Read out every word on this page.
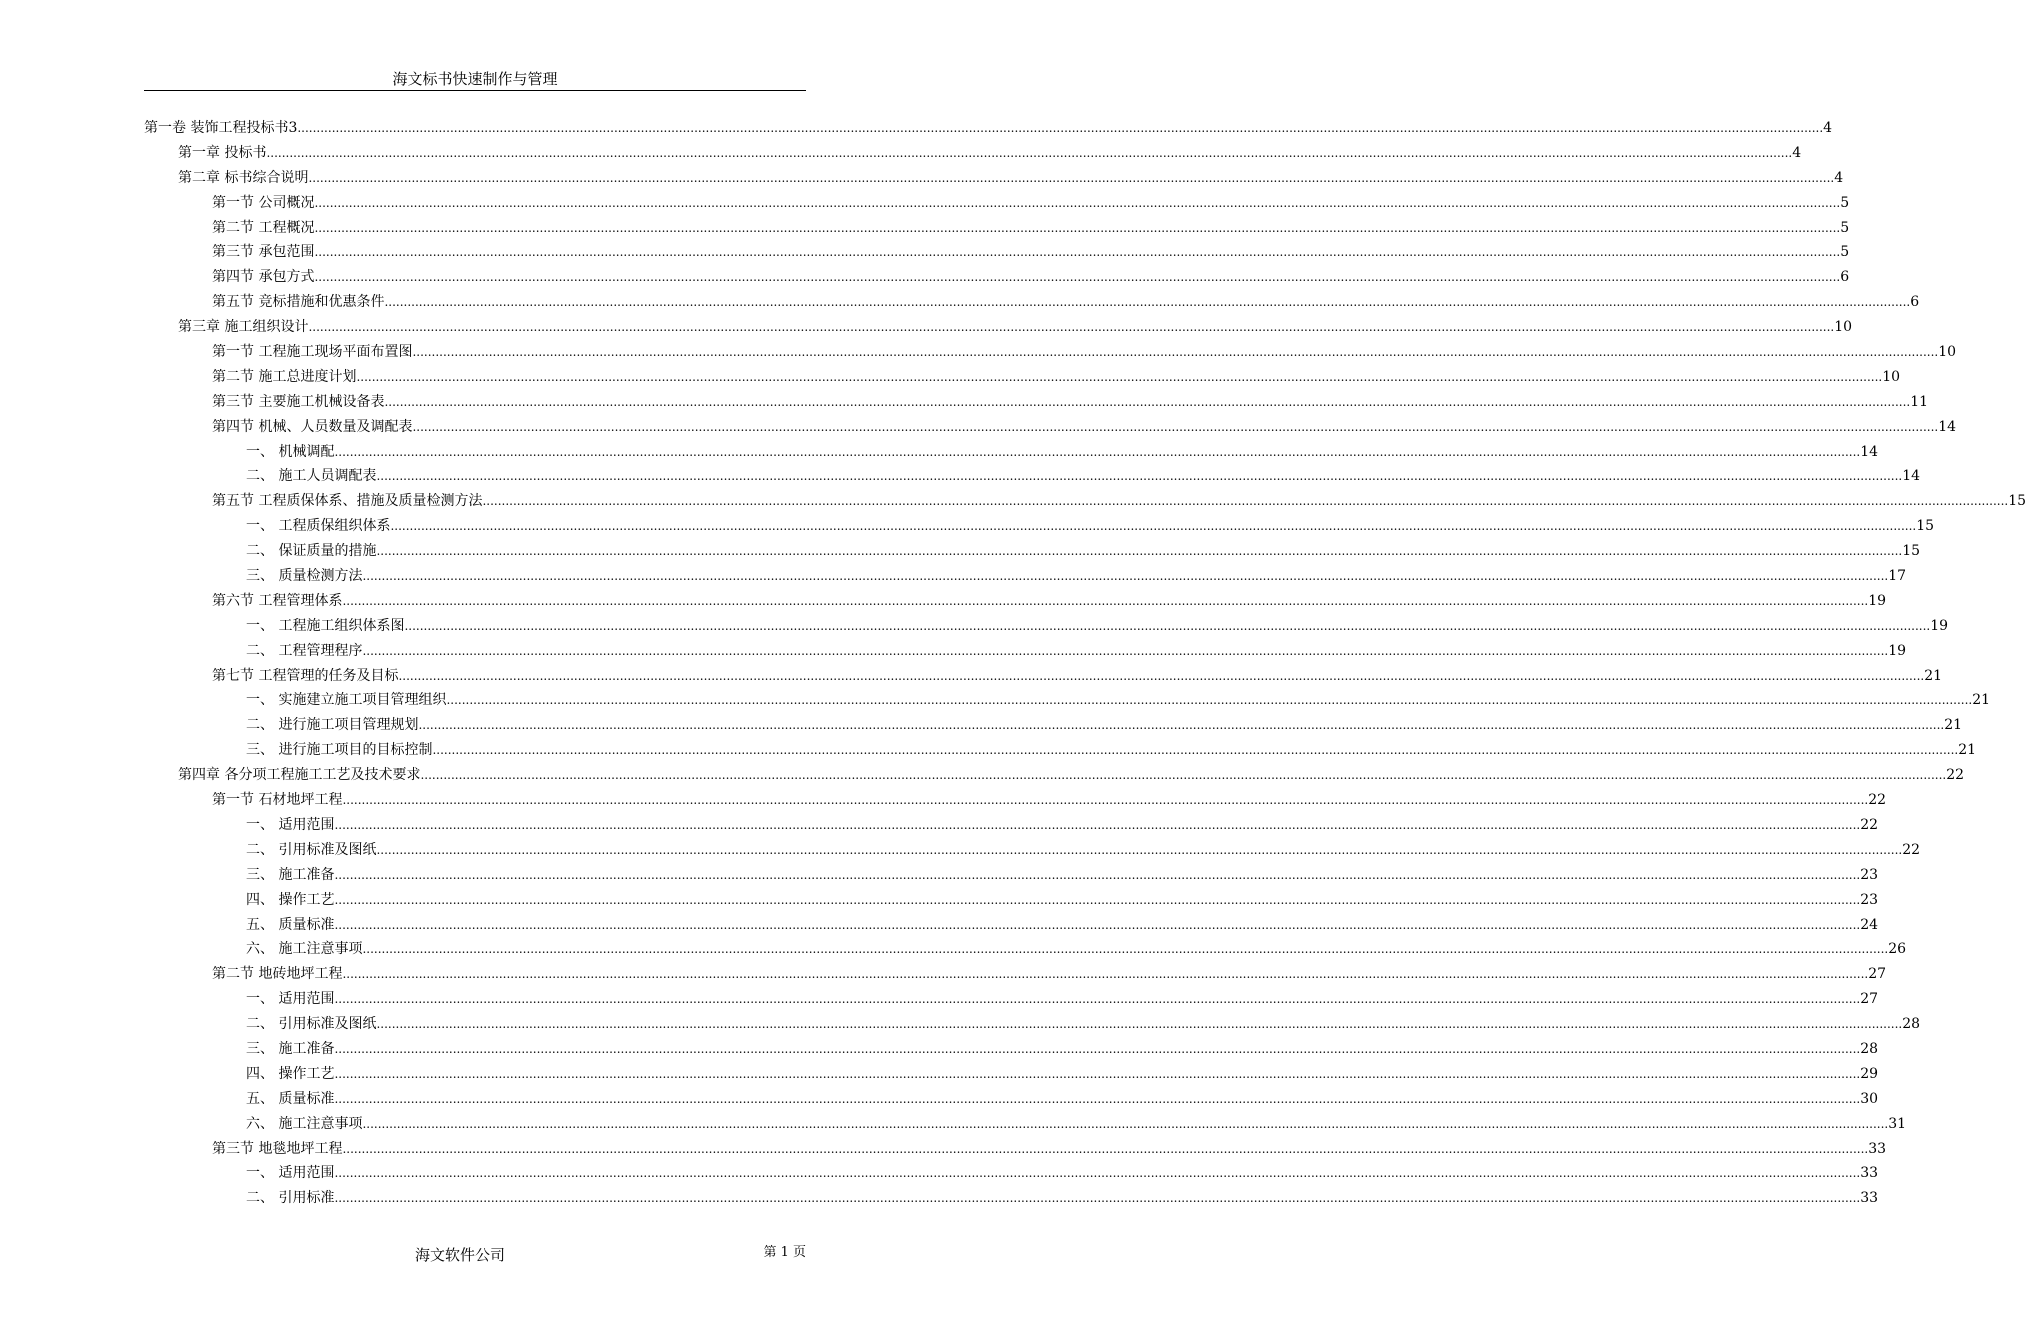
海文标书快速制作与管理
第一卷 装饰工程投标书3 ................................................................................................................................................................................................................................................................................................................................................................................................................ 4
第一章 投标书 ................................................................................................................................................................................................................................................................................................................................................................................................................ 4
第二章 标书综合说明 ................................................................................................................................................................................................................................................................................................................................................................................................................ 4
第一节 公司概况 ................................................................................................................................................................................................................................................................................................................................................................................................................ 5
第二节 工程概况 ................................................................................................................................................................................................................................................................................................................................................................................................................ 5
第三节 承包范围 ................................................................................................................................................................................................................................................................................................................................................................................................................ 5
第四节 承包方式 ................................................................................................................................................................................................................................................................................................................................................................................................................ 6
第五节 竞标措施和优惠条件 ................................................................................................................................................................................................................................................................................................................................................................................................................ 6
第三章 施工组织设计 ................................................................................................................................................................................................................................................................................................................................................................................................................ 10
第一节 工程施工现场平面布置图 ................................................................................................................................................................................................................................................................................................................................................................................................................ 10
第二节 施工总进度计划 ................................................................................................................................................................................................................................................................................................................................................................................................................ 10
第三节 主要施工机械设备表 ................................................................................................................................................................................................................................................................................................................................................................................................................ 11
第四节 机械、人员数量及调配表 ................................................................................................................................................................................................................................................................................................................................................................................................................ 14
一、 机械调配 ................................................................................................................................................................................................................................................................................................................................................................................................................ 14
二、 施工人员调配表 ................................................................................................................................................................................................................................................................................................................................................................................................................ 14
第五节 工程质保体系、措施及质量检测方法 ................................................................................................................................................................................................................................................................................................................................................................................................................ 15
一、 工程质保组织体系 ................................................................................................................................................................................................................................................................................................................................................................................................................ 15
二、 保证质量的措施 ................................................................................................................................................................................................................................................................................................................................................................................................................ 15
三、 质量检测方法 ................................................................................................................................................................................................................................................................................................................................................................................................................ 17
第六节 工程管理体系 ................................................................................................................................................................................................................................................................................................................................................................................................................ 19
一、 工程施工组织体系图 ................................................................................................................................................................................................................................................................................................................................................................................................................ 19
二、 工程管理程序 ................................................................................................................................................................................................................................................................................................................................................................................................................ 19
第七节 工程管理的任务及目标 ................................................................................................................................................................................................................................................................................................................................................................................................................ 21
一、 实施建立施工项目管理组织 ................................................................................................................................................................................................................................................................................................................................................................................................................ 21
二、 进行施工项目管理规划 ................................................................................................................................................................................................................................................................................................................................................................................................................ 21
三、 进行施工项目的目标控制 ................................................................................................................................................................................................................................................................................................................................................................................................................ 21
第四章 各分项工程施工工艺及技术要求 ................................................................................................................................................................................................................................................................................................................................................................................................................ 22
第一节 石材地坪工程 ................................................................................................................................................................................................................................................................................................................................................................................................................ 22
一、 适用范围 ................................................................................................................................................................................................................................................................................................................................................................................................................ 22
二、 引用标准及图纸 ................................................................................................................................................................................................................................................................................................................................................................................................................ 22
三、 施工准备 ................................................................................................................................................................................................................................................................................................................................................................................................................ 23
四、 操作工艺 ................................................................................................................................................................................................................................................................................................................................................................................................................ 23
五、 质量标准 ................................................................................................................................................................................................................................................................................................................................................................................................................ 24
六、 施工注意事项 ................................................................................................................................................................................................................................................................................................................................................................................................................ 26
第二节 地砖地坪工程 ................................................................................................................................................................................................................................................................................................................................................................................................................ 27
一、 适用范围 ................................................................................................................................................................................................................................................................................................................................................................................................................ 27
二、 引用标准及图纸 ................................................................................................................................................................................................................................................................................................................................................................................................................ 28
三、 施工准备 ................................................................................................................................................................................................................................................................................................................................................................................................................ 28
四、 操作工艺 ................................................................................................................................................................................................................................................................................................................................................................................................................ 29
五、 质量标准 ................................................................................................................................................................................................................................................................................................................................................................................................................ 30
六、 施工注意事项 ................................................................................................................................................................................................................................................................................................................................................................................................................ 31
第三节 地毯地坪工程 ................................................................................................................................................................................................................................................................................................................................................................................................................ 33
一、 适用范围 ................................................................................................................................................................................................................................................................................................................................................................................................................ 33
二、 引用标准 ................................................................................................................................................................................................................................................................................................................................................................................................................ 33
海文软件公司	第 1 页
